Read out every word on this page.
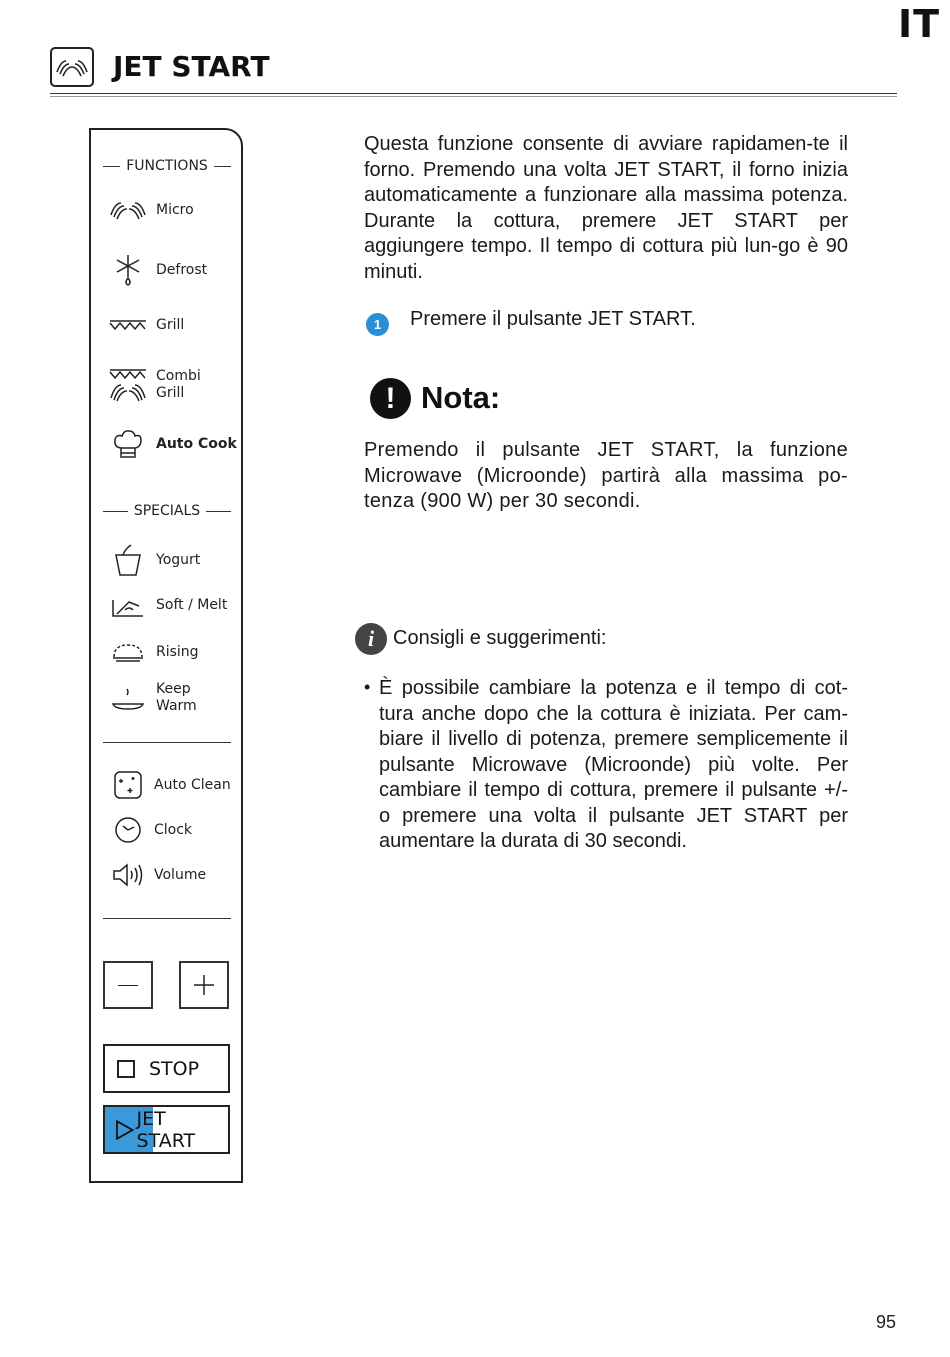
IT
JET START
FUNCTIONS
Micro
Defrost
Grill
Combi
Grill
Auto Cook
SPECIALS
Yogurt
Soft / Melt
Rising
Keep
Warm
Auto Clean
Clock
Volume
STOP
JET START

Questa funzione consente di avviare rapidamen-te il forno. Premendo una volta JET START, il forno inizia automaticamente a funzionare alla massima potenza. Durante la cottura, premere JET START per aggiungere tempo. Il tempo di cottura più lun-go è 90 minuti.

1	Premere il pulsante JET START.
! Nota:

Premendo il pulsante JET START, la funzione Microwave (Microonde) partirà alla massima po-tenza (900 W) per 30 secondi.

i Consigli e suggerimenti:
• È possibile cambiare la potenza e il tempo di cot-tura anche dopo che la cottura è iniziata. Per cam-biare il livello di potenza, premere semplicemente il pulsante Microwave (Microonde) più volte. Per cambiare il tempo di cottura, premere il pulsante +/- o premere una volta il pulsante JET START per aumentare la durata di 30 secondi.

95
